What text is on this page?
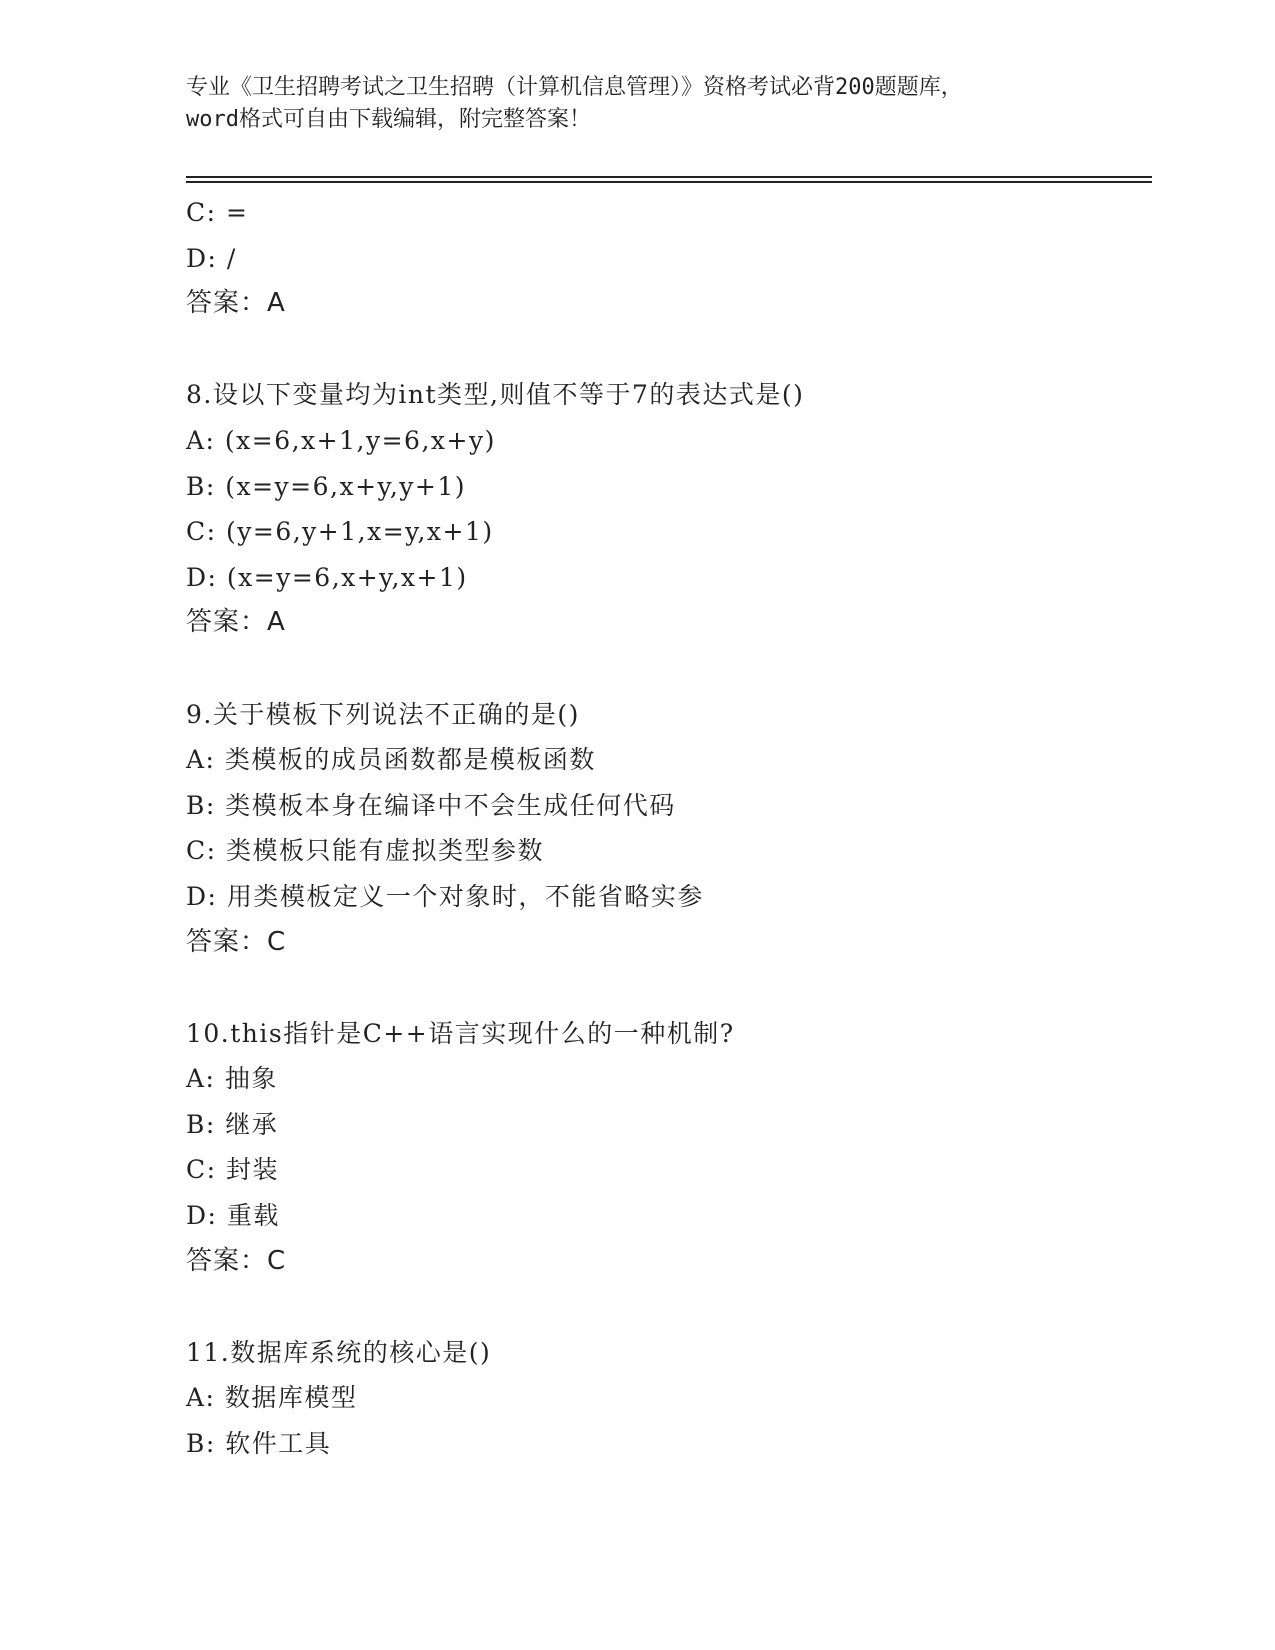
专业《卫生招聘考试之卫生招聘（计算机信息管理）》资格考试必背200题题库，
word格式可自由下载编辑，附完整答案！
C: =
D: /
答案：A
8.设以下变量均为int类型,则值不等于7的表达式是()
A: (x=6,x+1,y=6,x+y)
B: (x=y=6,x+y,y+1)
C: (y=6,y+1,x=y,x+1)
D: (x=y=6,x+y,x+1)
答案：A
9.关于模板下列说法不正确的是()
A: 类模板的成员函数都是模板函数
B: 类模板本身在编译中不会生成任何代码
C: 类模板只能有虚拟类型参数
D: 用类模板定义一个对象时，不能省略实参
答案：C
10.this指针是C++语言实现什么的一种机制?
A: 抽象
B: 继承
C: 封装
D: 重载
答案：C
11.数据库系统的核心是()
A: 数据库模型
B: 软件工具
